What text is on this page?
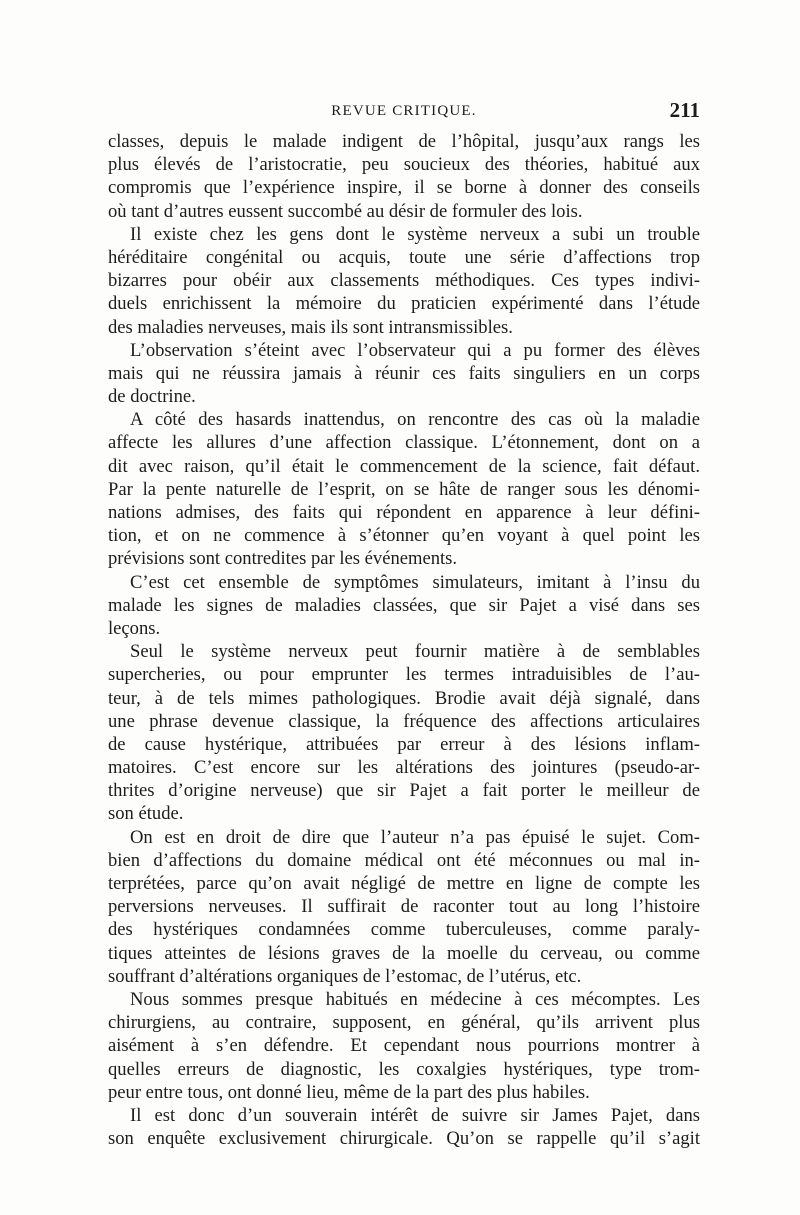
REVUE CRITIQUE.	211
classes, depuis le malade indigent de l’hôpital, jusqu’aux rangs les
plus élevés de l’aristocratie, peu soucieux des théories, habitué aux
compromis que l’expérience inspire, il se borne à donner des conseils
où tant d’autres eussent succombé au désir de formuler des lois.
Il existe chez les gens dont le système nerveux a subi un trouble
héréditaire congénital ou acquis, toute une série d’affections trop
bizarres pour obéir aux classements méthodiques. Ces types indivi-
duels enrichissent la mémoire du praticien expérimenté dans l’étude
des maladies nerveuses, mais ils sont intransmissibles.
L’observation s’éteint avec l’observateur qui a pu former des élèves
mais qui ne réussira jamais à réunir ces faits singuliers en un corps
de doctrine.
A côté des hasards inattendus, on rencontre des cas où la maladie
affecte les allures d’une affection classique. L’étonnement, dont on a
dit avec raison, qu’il était le commencement de la science, fait défaut.
Par la pente naturelle de l’esprit, on se hâte de ranger sous les dénomi-
nations admises, des faits qui répondent en apparence à leur défini-
tion, et on ne commence à s’étonner qu’en voyant à quel point les
prévisions sont contredites par les événements.
C’est cet ensemble de symptômes simulateurs, imitant à l’insu du
malade les signes de maladies classées, que sir Pajet a visé dans ses
leçons.
Seul le système nerveux peut fournir matière à de semblables
supercheries, ou pour emprunter les termes intraduisibles de l’au-
teur, à de tels mimes pathologiques. Brodie avait déjà signalé, dans
une phrase devenue classique, la fréquence des affections articulaires
de cause hystérique, attribuées par erreur à des lésions inflam-
matoires. C’est encore sur les altérations des jointures (pseudo-ar-
thrites d’origine nerveuse) que sir Pajet a fait porter le meilleur de
son étude.
On est en droit de dire que l’auteur n’a pas épuisé le sujet. Com-
bien d’affections du domaine médical ont été méconnues ou mal in-
terprétées, parce qu’on avait négligé de mettre en ligne de compte les
perversions nerveuses. Il suffirait de raconter tout au long l’histoire
des hystériques condamnées comme tuberculeuses, comme paraly-
tiques atteintes de lésions graves de la moelle du cerveau, ou comme
souffrant d’altérations organiques de l’estomac, de l’utérus, etc.
Nous sommes presque habitués en médecine à ces mécomptes. Les
chirurgiens, au contraire, supposent, en général, qu’ils arrivent plus
aisément à s’en défendre. Et cependant nous pourrions montrer à
quelles erreurs de diagnostic, les coxalgies hystériques, type trom-
peur entre tous, ont donné lieu, même de la part des plus habiles.
Il est donc d’un souverain intérêt de suivre sir James Pajet, dans
son enquête exclusivement chirurgicale. Qu’on se rappelle qu’il s’agit
